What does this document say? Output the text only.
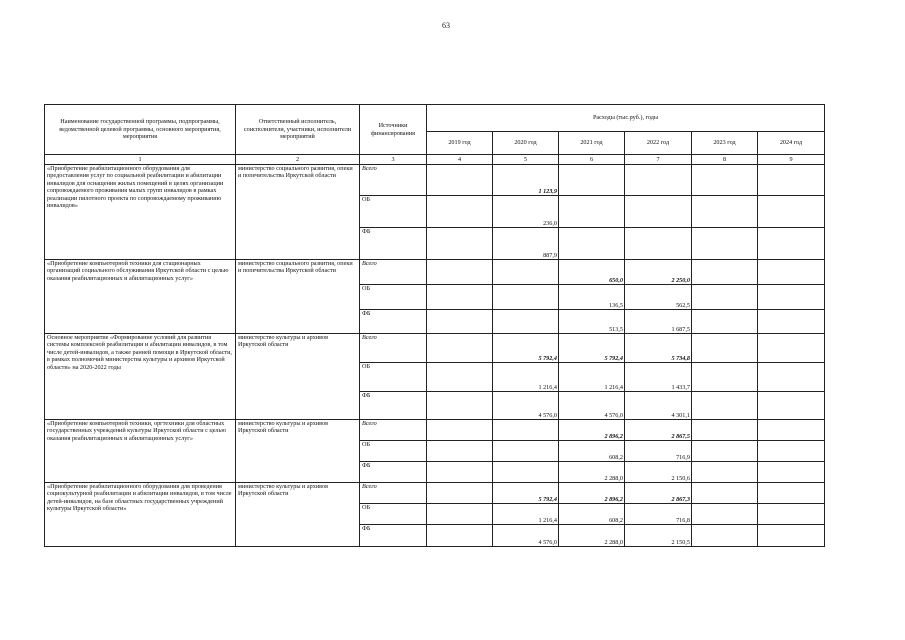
63
Наименование государственной программы, подпрограммы, ведомственной целевой программы, основного мероприятия, мероприятия	Ответственный исполнитель, соисполнители, участники, исполнители мероприятий	Источники финансирования	Расходы (тыс.руб.), годы					
			2019 год	2020 год	2021 год	2022 год	2023 год	2024 год
1	2	3	4	5	6	7	8	9
«Приобретение реабилитационного оборудования для предоставления услуг по социальной реабилитации и абилитации инвалидов для оснащения жилых помещений в целях организации сопровождаемого проживания малых групп инвалидов в рамках реализации пилотного проекта по сопровождаемому проживанию инвалидов»	министерство социального развития, опеки и попечительства Иркутской области	Всего		1 123,9				
		ОБ		236,0				
		ФБ		887,9				
«Приобретение компьютерной техники для стационарных организаций социального обслуживания Иркутской области с целью оказания реабилитационных и абилитационных услуг»	министерство социального развития, опеки и попечительства Иркутской области	Всего			650,0	2 250,0		
		ОБ			136,5	562,5		
		ФБ			513,5	1 687,5		
Основное мероприятие «Формирование условий для развития системы комплексной реабилитации и абилитации инвалидов, в том числе детей-инвалидов, а также ранней помощи в Иркутской области, в рамках полномочий министерства культуры и архивов Иркутской области» на 2020-2022 годы	министерство культуры и архивов Иркутской области	Всего		5 792,4	5 792,4	5 734,8		
		ОБ		1 216,4	1 216,4	1 433,7		
		ФБ		4 576,0	4 576,0	4 301,1		
«Приобретение компьютерной техники, оргтехники для областных государственных учреждений культуры Иркутской области с целью оказания реабилитационных и абилитационных услуг»	министерство культуры и архивов Иркутской области	Всего			2 896,2	2 867,5		
		ОБ			608,2	716,9		
		ФБ			2 288,0	2 150,6		
«Приобретение реабилитационного оборудования для проведения социокультурной реабилитации и абилитации инвалидов, в том числе детей-инвалидов, на базе областных государственных учреждений культуры Иркутской области»	министерство культуры и архивов Иркутской области	Всего		5 792,4	2 896,2	2 867,3		
		ОБ		1 216,4	608,2	716,8		
		ФБ		4 576,0	2 288,0	2 150,5		
